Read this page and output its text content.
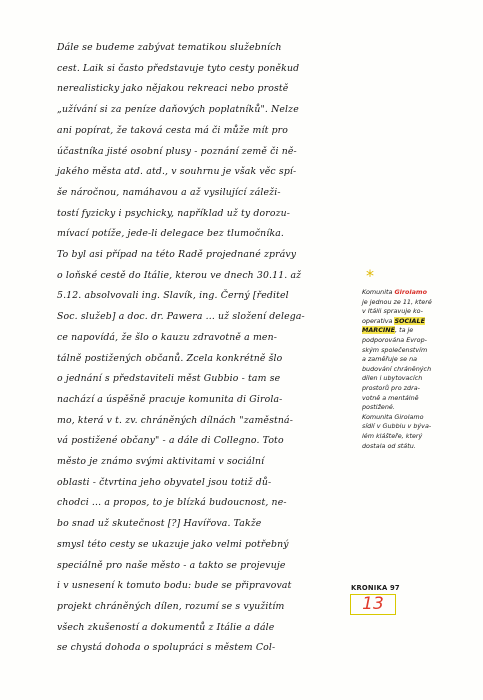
Dále se budeme zabývat tematikou služebních
cest. Laik si často představuje tyto cesty poněkud
nerealisticky jako nějakou rekreaci nebo prostě
„užívání si za peníze daňových poplatníků". Nelze
ani popírat, že taková cesta má či může mít pro
účastníka jisté osobní plusy - poznání země či ně-
jakého města atd. atd., v souhrnu je však věc spí-
še náročnou, namáhavou a až vysilující záleži-
tostí fyzicky i psychicky, například už ty dorozu-
mívací potíže, jede-li delegace bez tlumočníka.
To byl asi případ na této Radě projednané zprávy
o loňské cestě do Itálie, kterou ve dnech 30.11. až
5.12. absolvovali ing. Slavík, ing. Černý [ředitel
Soc. služeb] a doc. dr. Pawera ... už složení delega-
ce napovídá, že šlo o kauzu zdravotně a men-
tálně postižených občanů. Zcela konkrétně šlo
o jednání s představiteli měst Gubbio - tam se
nachází a úspěšně pracuje komunita di Girola-
mo, která v t. zv. chráněných dílnách "zaměstná-
vá postižené občany" - a dále di Collegno. Toto
město je známo svými aktivitami v sociální
oblasti - čtvrtina jeho obyvatel jsou totiž dů-
chodci ... a propos, to je blízká budoucnost, ne-
bo snad už skutečnost [?] Havířova. Takže
smysl této cesty se ukazuje jako velmi potřebný
speciálně pro naše město - a takto se projevuje
i v usnesení k tomuto bodu: bude se připravovat
projekt chráněných dílen, rozumí se s využitím
všech zkušeností a dokumentů z Itálie a dále
se chystá dohoda o spolupráci s městem Col-
*
Komunita Girolamo
je jednou ze 11, které
v Itálii spravuje ko-
operativa SOCIALE
MARCINE, ta je
podporována Evrop-
ským společenstvím
a zaměřuje se na
budování chráněných
dílen i ubytovacích
prostorů pro zdra-
votně a mentálně
postižené.
Komunita Girolamo
sídlí v Gubbiu v býva-
lém klášteře, který
dostala od státu.
KRONIKA 97
13
